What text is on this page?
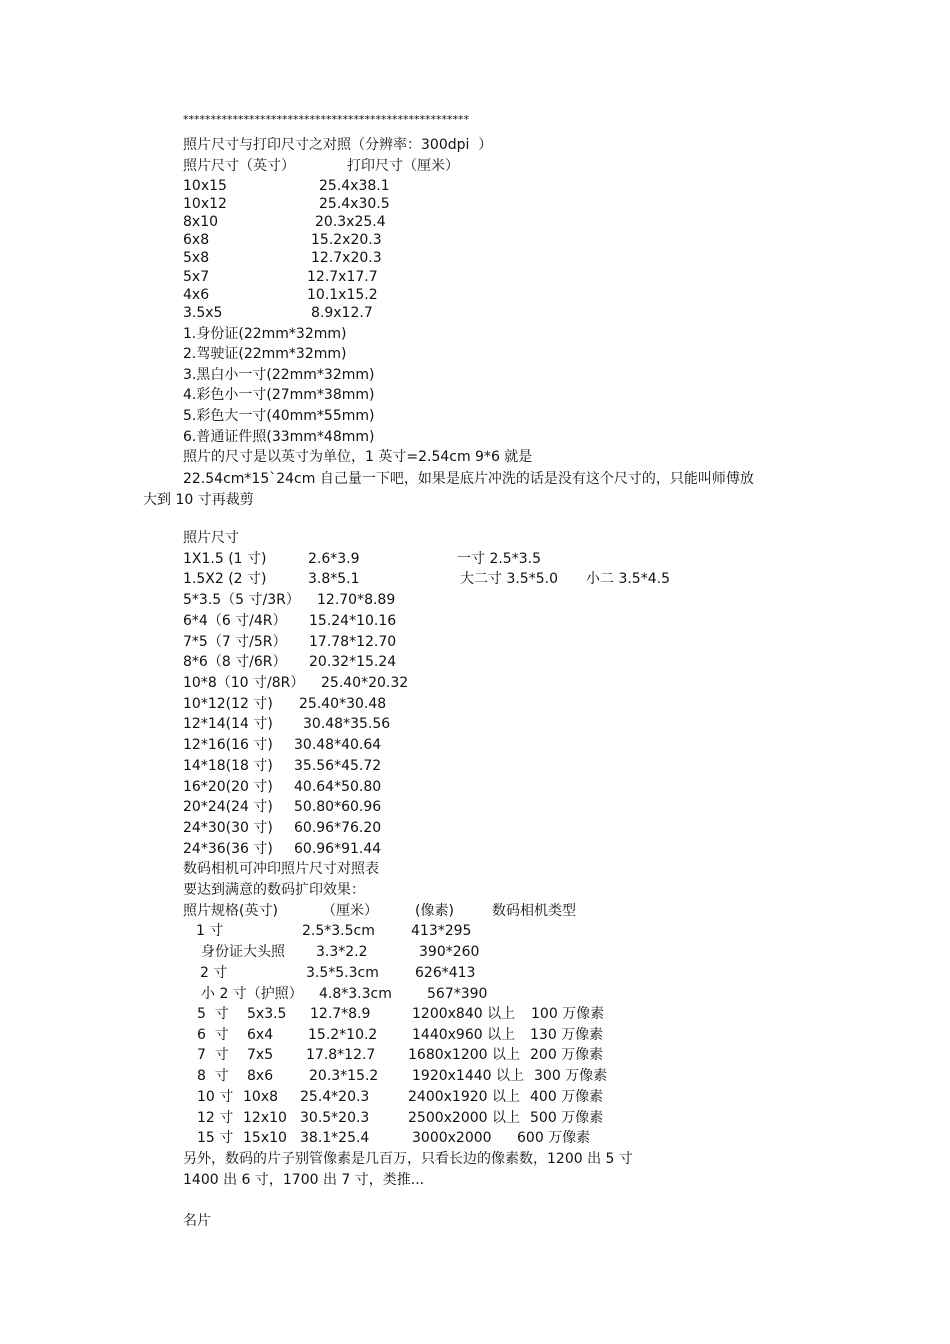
****************************************************
照片尺寸与打印尺寸之对照（分辨率：300dpi  ）
照片尺寸（英寸）	打印尺寸（厘米）
10x15	25.4x38.1
10x12	25.4x30.5
8x10	20.3x25.4
6x8	15.2x20.3
5x8	12.7x20.3
5x7	12.7x17.7
4x6	10.1x15.2
3.5x5	8.9x12.7
1.身份证(22mm*32mm)
2.驾驶证(22mm*32mm)
3.黑白小一寸(22mm*32mm)
4.彩色小一寸(27mm*38mm)
5.彩色大一寸(40mm*55mm)
6.普通证件照(33mm*48mm)
照片的尺寸是以英寸为单位，1 英寸=2.54cm 9*6 就是
22.54cm*15`24cm 自己量一下吧，如果是底片冲洗的话是没有这个尺寸的，只能叫师傅放
大到 10 寸再裁剪
照片尺寸
1X1.5 (1 寸)	2.6*3.9	一寸 2.5*3.5
1.5X2 (2 寸)	3.8*5.1	大二寸 3.5*5.0 小二 3.5*4.5
5*3.5（5 寸/3R） 12.70*8.89
6*4（6 寸/4R） 15.24*10.16
7*5（7 寸/5R） 17.78*12.70
8*6（8 寸/6R） 20.32*15.24
10*8（10 寸/8R） 25.40*20.32
10*12(12 寸) 25.40*30.48
12*14(14 寸) 30.48*35.56
12*16(16 寸) 30.48*40.64
14*18(18 寸) 35.56*45.72
16*20(20 寸) 40.64*50.80
20*24(24 寸) 50.80*60.96
24*30(30 寸) 60.96*76.20
24*36(36 寸) 60.96*91.44
数码相机可冲印照片尺寸对照表
要达到满意的数码扩印效果：
照片规格(英寸)	（厘米）	(像素)	数码相机类型
1 寸	2.5*3.5cm	413*295
身份证大头照 3.3*2.2	390*260
2 寸	3.5*5.3cm	626*413
小 2 寸（护照） 4.8*3.3cm	567*390
5  寸 5x3.5 12.7*8.9	1200x840 以上 100 万像素
6  寸 6x4 15.2*10.2 1440x960 以上 130 万像素
7  寸 7x5 17.8*12.7 1680x1200 以上 200 万像素
8  寸 8x6	20.3*15.2 1920x1440 以上 300 万像素
10 寸 10x8 25.4*20.3	2400x1920 以上 400 万像素
12 寸 12x10 30.5*20.3	2500x2000 以上 500 万像素
15 寸 15x10 38.1*25.4	3000x2000 600 万像素
另外，数码的片子别管像素是几百万，只看长边的像素数，1200 出 5 寸
1400 出 6 寸，1700 出 7 寸，类推...
名片
